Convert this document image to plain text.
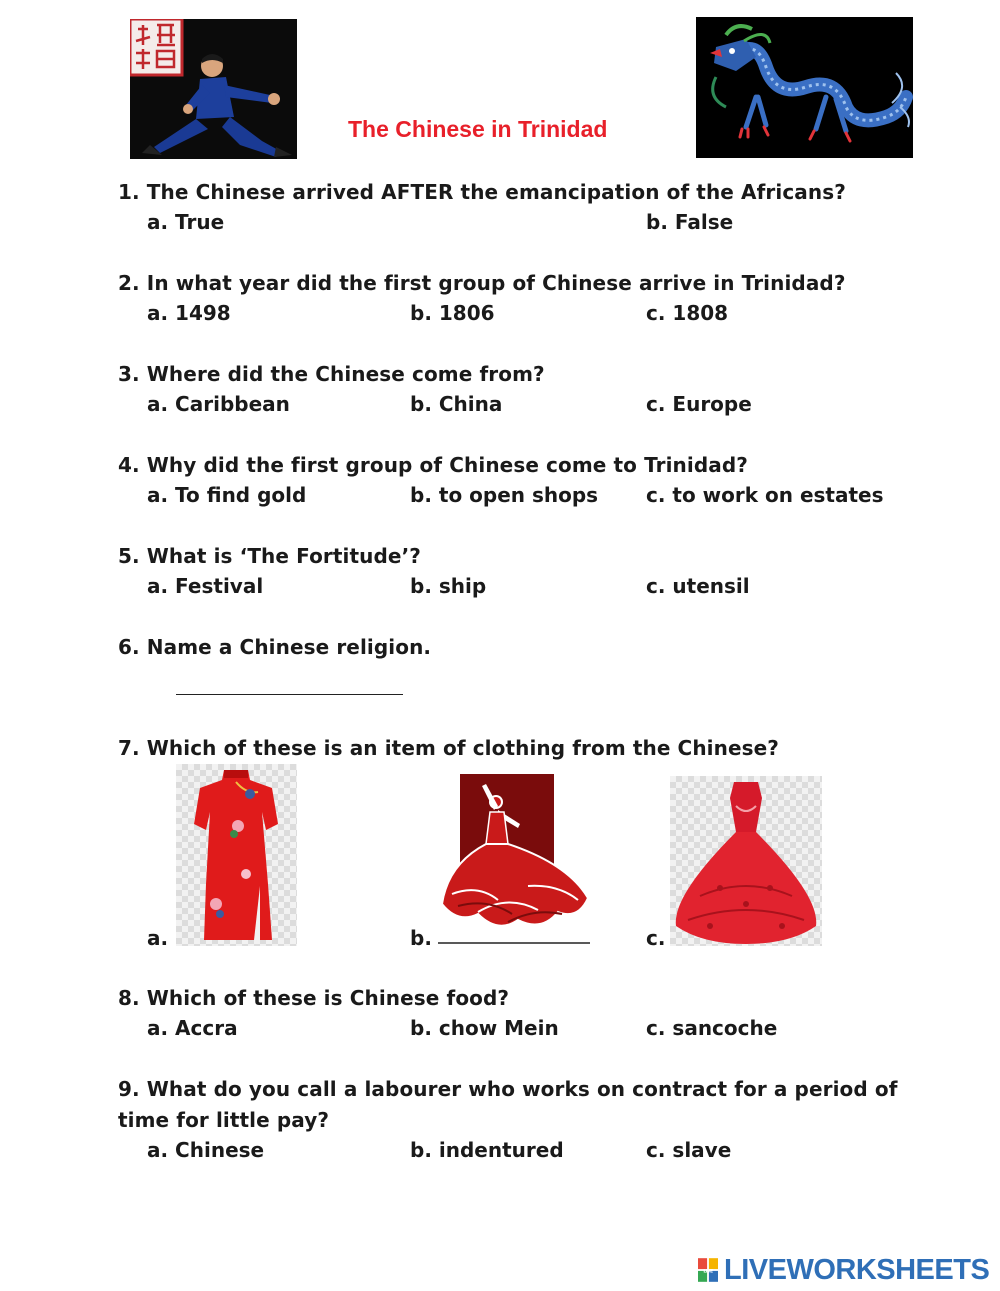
The Chinese in Trinidad
1. The Chinese arrived AFTER the emancipation of the Africans?
a. True	b. False
2. In what year did the first group of Chinese arrive in Trinidad?
a. 1498	b. 1806	c. 1808
3. Where did the Chinese come from?
a. Caribbean	b. China	c. Europe
4. Why did the first group of Chinese come to Trinidad?
a. To find gold	b. to open shops c. to work on estates
5. What is ‘The Fortitude’?
a. Festival	b. ship	c. utensil
6. Name a Chinese religion.
7. Which of these is an item of clothing from the Chinese?
a.	b.	c.
8. Which of these is Chinese food?
a. Accra	b. chow Mein	c. sancoche
9. What do you call a labourer who works on contract for a period of
time for little pay?
a. Chinese	b. indentured	c. slave
LIVE LIVEWORKSHEETS
